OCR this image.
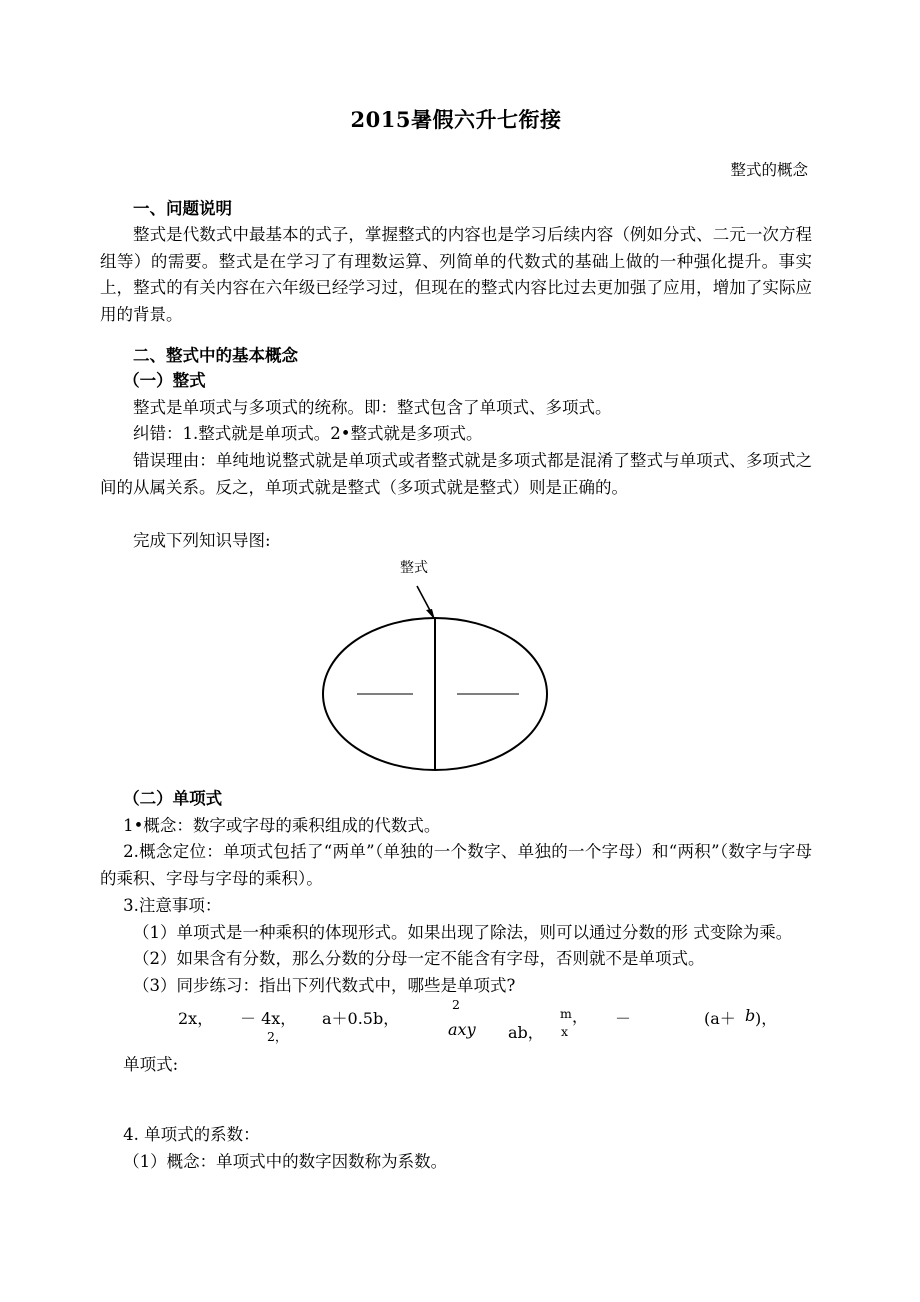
2015暑假六升七衔接
整式的概念
一、问题说明

整式是代数式中最基本的式子，掌握整式的内容也是学习后续内容（例如分式、二元一次方程组等）的需要。整式是在学习了有理数运算、列简单的代数式的基础上做的一种强化提升。事实上，整式的有关内容在六年级已经学习过，但现在的整式内容比过去更加强了应用，增加了实际应用的背景。

二、整式中的基本概念
（一）整式

整式是单项式与多项式的统称。即：整式包含了单项式、多项式。

纠错：1.整式就是单项式。2•整式就是多项式。

错误理由：单纯地说整式就是单项式或者整式就是多项式都是混淆了整式与单项式、多项式之间的从属关系。反之，单项式就是整式（多项式就是整式）则是正确的。

完成下列知识导图:

整式
（二）单项式

1•概念：数字或字母的乘积组成的代数式。

2.概念定位：单项式包括了“两单”（单独的一个数字、单独的一个字母）和“两积”（数字与字母的乘积、字母与字母的乘积）。

3.注意事项：

（1）单项式是一种乘积的体现形式。如果出现了除法，则可以通过分数的形 式变除为乘。

（2）如果含有分数，那么分数的分母一定不能含有字母，否则就不是单项式。

（3）同步练习：指出下列代数式中，哪些是单项式?

2x， － 4x，
2，
a＋0.5b，
2
axy ab，
m
x
， －	(a＋ b )，

单项式:

4. 单项式的系数：

（1）概念：单项式中的数字因数称为系数。
